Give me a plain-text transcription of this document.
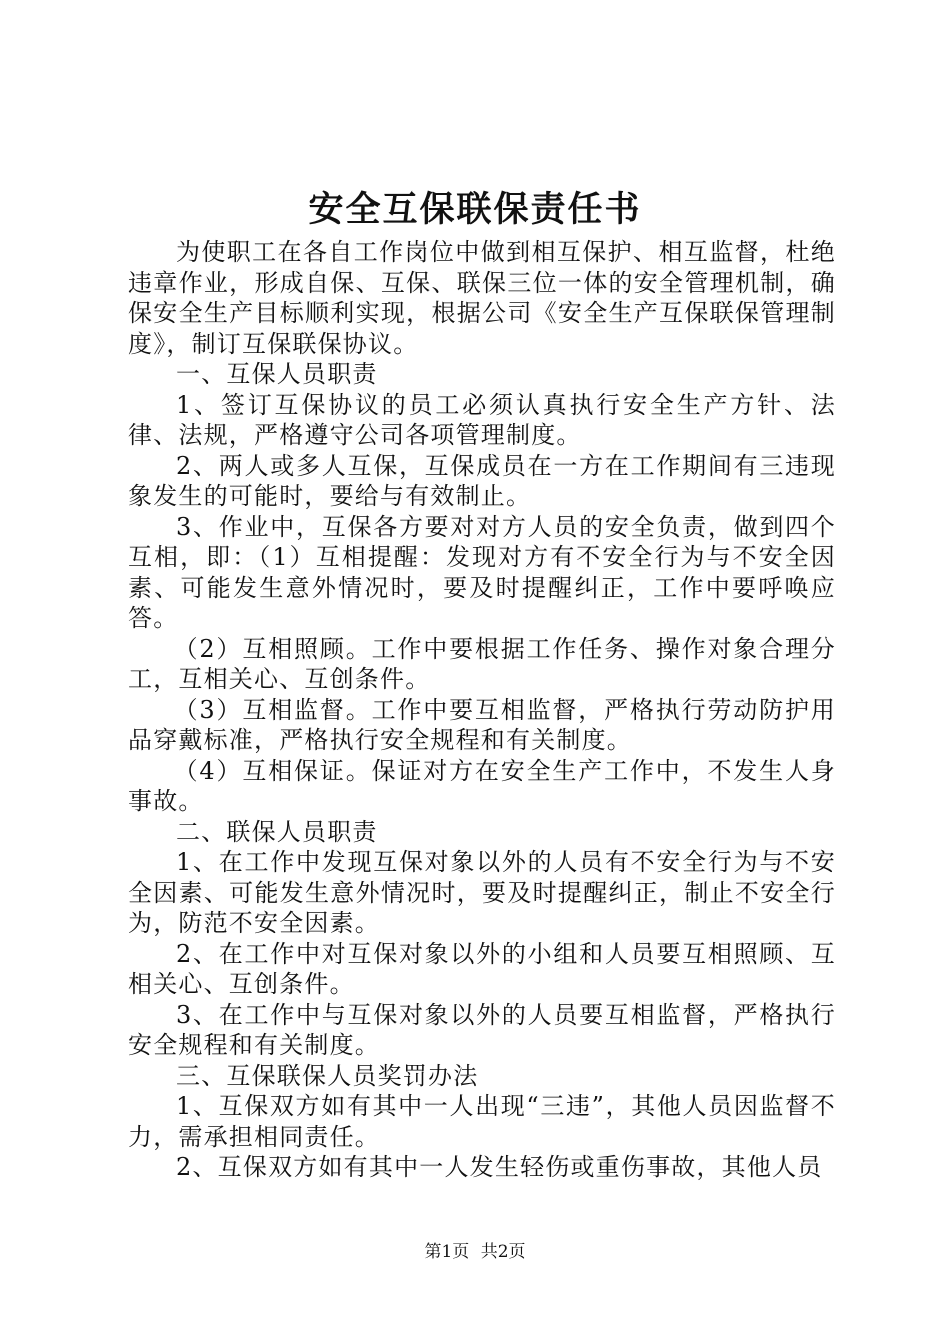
安全互保联保责任书

为使职工在各自工作岗位中做到相互保护、相互监督，杜绝违章作业，形成自保、互保、联保三位一体的安全管理机制，确保安全生产目标顺利实现，根据公司《安全生产互保联保管理制度》，制订互保联保协议。

一、互保人员职责

1、签订互保协议的员工必须认真执行安全生产方针、法律、法规，严格遵守公司各项管理制度。

2、两人或多人互保，互保成员在一方在工作期间有三违现象发生的可能时，要给与有效制止。

3、作业中，互保各方要对对方人员的安全负责，做到四个互相，即：（1）互相提醒：发现对方有不安全行为与不安全因素、可能发生意外情况时，要及时提醒纠正，工作中要呼唤应答。

（2）互相照顾。工作中要根据工作任务、操作对象合理分工，互相关心、互创条件。

（3）互相监督。工作中要互相监督，严格执行劳动防护用品穿戴标准，严格执行安全规程和有关制度。

（4）互相保证。保证对方在安全生产工作中，不发生人身事故。

二、联保人员职责

1、在工作中发现互保对象以外的人员有不安全行为与不安全因素、可能发生意外情况时，要及时提醒纠正，制止不安全行为，防范不安全因素。

2、在工作中对互保对象以外的小组和人员要互相照顾、互相关心、互创条件。

3、在工作中与互保对象以外的人员要互相监督，严格执行安全规程和有关制度。

三、互保联保人员奖罚办法

1、互保双方如有其中一人出现“三违”，其他人员因监督不力，需承担相同责任。

2、互保双方如有其中一人发生轻伤或重伤事故，其他人员

第1页 共2页
